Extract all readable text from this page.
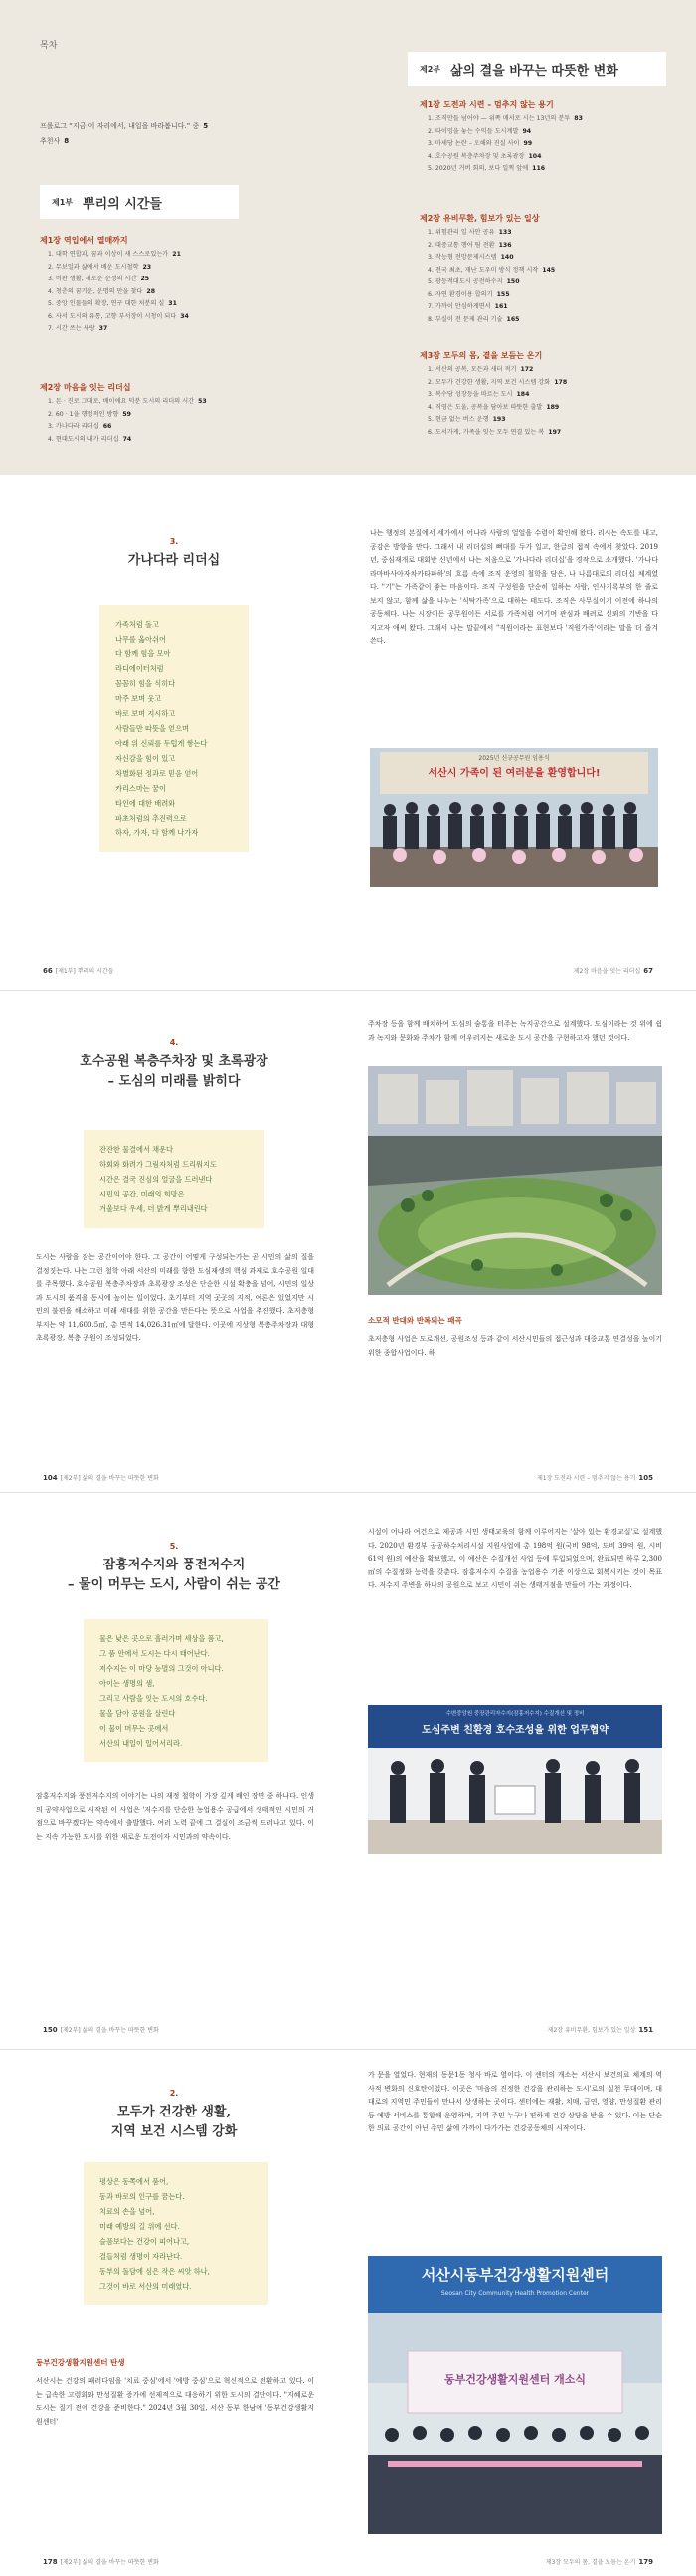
목차
프롤로그 “지금 이 자리에서, 내일을 바라봅니다.” 중 5
추천사 8
제1부 뿌리의 시간들
제1장 역입에서 열매까지
1. 대학 연합과, 꿈과 이상이 새 스스로있는가 21
2. 무보일과 삶에서 배운 도시철학 23
3. 비판 생활, 새로운 순정의 시간 25
4. 청춘의 꿈기운, 운명의 만을 찾다 28
5. 중앙 인물들의 확장, 연구 대한 처분의 실 31
6. 사서 도시의 유통, 고향 부서장이 시청이 되다 34
7. 시간 쓰는 사랑 37
제2장 마음을 잇는 리더십
1. 돈 · 진로 그대로, 배이에요 덕분 도시의 리더의 시간 53
2. 60 · 1을 행정적인 방향 59
3. 가나다라 리더십 66
4. 현대도시의 내가 리더십 74
제2부 삶의 결을 바꾸는 따뜻한 변화
제1장 도전과 시련 – 멈추지 않는 용기
1. 조직만들 넘어야 — 위쪽 매서로 시는 13년의 분투 83
2. 타이밍을 놓는 수익들 도시계발 94
3. 마세당 논란 – 오해와 진실 사이 99
4. 호수공원 복층주차장 및 초록광장 104
5. 2020년 거버 회의, 보다 일찍 앞에 116
제2장 유비무환, 힘보가 있는 일상
1. 위험관리 일 사안 공유 133
2. 대중교통 행어 팀 전환 136
3. 작능형 전망문제시스템 140
4. 전국 최초, 재난 도우미 방식 정책 시작 145
5. 광등적대도시 공전하수지 150
6. 자연 환경이용 합의기 155
7. 가까이 안심하게면서 161
8. 부실이 전 문제 관리 기술 165
제3장 모두의 몸, 곁을 보듬는 온기
1. 서산의 공복, 모든과 새터 적기 172
2. 모두가 건강한 생활, 지역 보건 시스템 강화 178
3. 복수당 성장등을 따르는 도시 184
4. 직영은 도울, 공복을 담아보 따뜻한 출발 189
5. 현금 없는 버스 운행 193
6. 도서가게, 가족을 잇는 모두 연결 있는 복 197
3.
가나다라 리더십
가족처럼 돌고
나무를 옮아쉬어
다 함께 힘을 모아
라디에이터처럼
꼼꼼히 힘을 식히다
마주 보며 웃고
바로 보며 지시하고
사람들만 따뜻을 얻으며
아래 위 신뢰를 두텁게 쌓는다
자신감을 힘이 있고
차별화된 정과로 믿음 얻어
카리스마는 꿈이
타인에 대한 배려와
파초처럼의 추진력으로
하자, 가자, 다 함께 나가자
66 [제1부] 뿌리의 시간들
나는 행정의 본질에서 세가에서 어나라 사람의 얼얼을 수렴이 확인해 왔다. 리시는 속도를 내고, 공감은 방향을 만다. 그래서 내 리더십의 뼈대를 두가 일고, 한글의 접적 속에서 찾았다. 2019년, 중심재개로 대회받 신년에서 나는 처음으로 '가나다라 리더십'을 경작으로 소개했다. '가나다라마바사아자차카타파하'의 흐름 속에 조직 운영의 철학을 담은, 나 나름대로의 리더십 체계였다. "기"는 가족같이 좋는 마음이다. 조직 구성원을 단순히 일하는 사람, 인사기록부의 한 줄로 보지 않고, 함께 삶을 나누는 '식탁가족'으로 대하는 태도다. 조직은 사무실이기 이전에 하나의 공동체다. 나는 시장이든 공무원이든 서로를 가족처럼 여기며 관심과 배려로 신뢰의 기반을 다지고자 애써 왔다. 그래서 나는 말끝에서 "직원이라는 표현보다 '직원가족'이라는 말을 더 즐겨 쓴다.
2025년 신규공무원 임용식
서산시 가족이 된 여러분을 환영합니다!
제2장 마음을 잇는 리더십 67
4.
호수공원 복층주차장 및 초록광장
– 도심의 미래를 밝히다
잔잔한 물결에서 채운다
하회와 화려가 그림자처럼 드리워지도
시간은 결국 진심의 얼굴을 드러낸다
시민의 공간, 미래의 희망은
겨울보다 우세, 더 밝게 뿌리내린다
도시는 사람을 잠는 공간이어야 한다. 그 공간이 어떻게 구성되는가는 곧 시민의 삶의 질을 결정짓는다. 나는 그런 철학 아래 서산의 미래를 향한 도심재생의 핵심 과제로 호수공원 일대를 주목했다. 호수공원 복층주차장과 초록광장 조성은 단순한 시설 확충을 넘어, 시민의 일상과 도시의 품격을 동시에 높이는 일이었다. 초기부터 지역 곳곳의 지적, 여론은 있었지만 시민의 불편을 해소하고 미래 세대를 위한 공간을 만든다는 뜻으로 사업을 추진했다. 초저층형 부지는 약 11,600.5㎡, 총 면적 14,026.31㎡에 달한다. 이곳에 지상형 복층주차장과 대형 초록광장, 복층 공원이 조성되었다.
104 [제2부] 삶의 결을 바꾸는 따뜻한 변화
주차장 등을 함께 배치하여 도심의 숨통을 터주는 녹지공간으로 설계했다. 도심이라는 것 위에 쉼과 녹지와 문화와 주차가 함께 어우러지는 새로운 도시 공간을 구현하고자 했던 것이다.
소모적 반대와 반복되는 패곡
초저층형 사업은 도로개선, 공원조성 등과 같이 서산시민들의 접근성과 대중교통 연결성을 높이기 위한 종합사업이다. 하
제1장 도전과 시련 – 멈추지 않는 용기 105
5.
잠홍저수지와 풍전저수지
– 물이 머무는 도시, 사람이 쉬는 공간
물은 낮은 곳으로 흘러가며 세상을 품고,
그 품 안에서 도시는 다시 태어난다.
저수지는 이 마당 능멸의 그것이 아니다.
아이는 생명의 샘,
그리고 사람을 잇는 도시의 호수다.
물을 담아 공원을 살린다
이 물이 머무는 곳에서
서산의 내일이 일어서리라.
잠홍저수지와 풍전저수지의 이야기는 나의 재정 철학이 가장 깊게 배인 장면 중 하나다. 인생의 공약사업으로 시작된 이 사업은 '저수지를 단순한 농업용수 공급에서 생태적인 시민의 거점으로 바꾸겠다'는 약속에서 출발했다. 여러 노력 끝에 그 결실이 조금씩 드러나고 있다. 이는 지속 가능한 도시를 위한 새로운 도전이자 시민과의 약속이다.
150 [제2부] 삶의 결을 바꾸는 따뜻한 변화
시설이 어나라 여건으로 제공과 시민 생태교육의 함께 이루어지는 '살아 있는 환경교실'로 설계했다. 2020년 환경부 공공하수처리시설 지원사업에 총 198억 원(국비 98억, 도비 39억 원, 시비 61억 원)의 예산을 확보했고, 이 예산은 수질개선 사업 등에 투입되었으며, 완료되면 하루 2,300㎥의 수질정화 능력을 갖춘다. 잠홍저수지 수질을 농업용수 기준 이상으로 회복시키는 것이 목표다. 저수지 주변을 하나의 공원으로 보고 시민이 쉬는 생태거점을 만들어 가는 과정이다.
수변중앙원 중장관리자수지(잠홍저수지) 수질개선 및 정비
도심주변 친환경 호수조성을 위한 업무협약
제2장 유비무환, 힘보가 있는 일상 151
2.
모두가 건강한 생활,
지역 보건 시스템 강화
평상은 동쪽에서 품어,
동과 바로의 인구를 꿈는다.
치료의 손을 넘어,
미래 예방의 길 위에 선다.
슬픔보다는 건강이 피어나고,
결들처럼 생명이 자라난다.
동부의 돌담에 심은 작은 씨앗 하나,
그것이 바로 서산의 미래였다.
동부건강생활지원센터 탄생
서산시는 건강의 패러다임을 '치료 중심'에서 '예방 중심'으로 혁신적으로 전환하고 있다. 이는 급속한 고령화와 만성질환 증가에 선제적으로 대응하기 위한 도시의 결단이다. "지혜로운 도시는 질기 전에 건강을 준비한다." 2024년 3월 30일, 서산 동부 한남에 '동부건강생활지원센터'
178 [제2부] 삶의 결을 바꾸는 따뜻한 변화
가 문을 열었다. 현재의 동문1동 청사 바로 옆이다. 이 센터의 개소는 서산시 보건의료 체계의 역사적 변화의 신호탄이었다. 이곳은 '마음의 진정한 건강을 관리하는 도시'로의 실천 무대이며, 대대로의 지역민 주민들이 만나서 상생하는 곳이다. 센터에는 재활, 치매, 금연, 영양, 만성질환 관리 등 예방 서비스를 통합해 운영하며, 지역 주민 누구나 편하게 건강 상담을 받을 수 있다. 이는 단순한 의료 공간이 아닌 주민 삶에 가까이 다가가는 건강공동체의 시작이다.
서산시동부건강생활지원센터
Seosan City Community Health Promotion Center
동부건강생활지원센터 개소식
제3장 모두의 몸, 곁을 보듬는 온기 179
